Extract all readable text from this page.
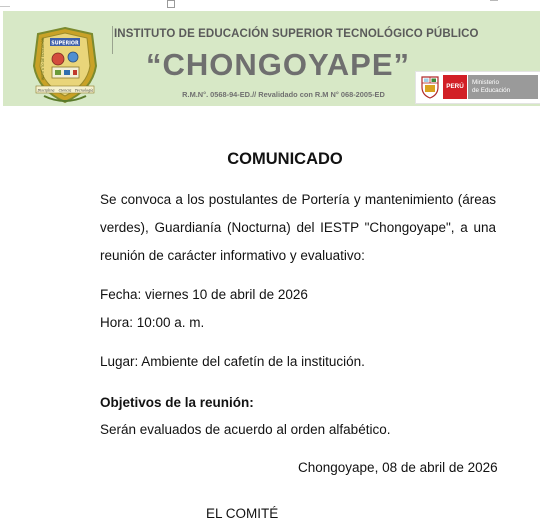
SUPERIOR
INSTITUTO DE EDUCACIÓN
Disciplina Ciencia Tecnología
INSTITUTO DE EDUCACIÓN SUPERIOR TECNOLÓGICO PÚBLICO
“CHONGOYAPE”
R.M.N°. 0568-94-ED.// Revalidado con R.M N° 068-2005-ED
PERÚ
Ministerio
de Educación
COMUNICADO
Se convoca a los postulantes de Portería y mantenimiento (áreas
verdes), Guardianía (Nocturna) del IESTP "Chongoyape", a una
reunión de carácter informativo y evaluativo:
Fecha: viernes 10 de abril de 2026
Hora: 10:00 a. m.
Lugar: Ambiente del cafetín de la institución.
Objetivos de la reunión:
Serán evaluados de acuerdo al orden alfabético.
Chongoyape, 08 de abril de 2026
EL COMITÉ
